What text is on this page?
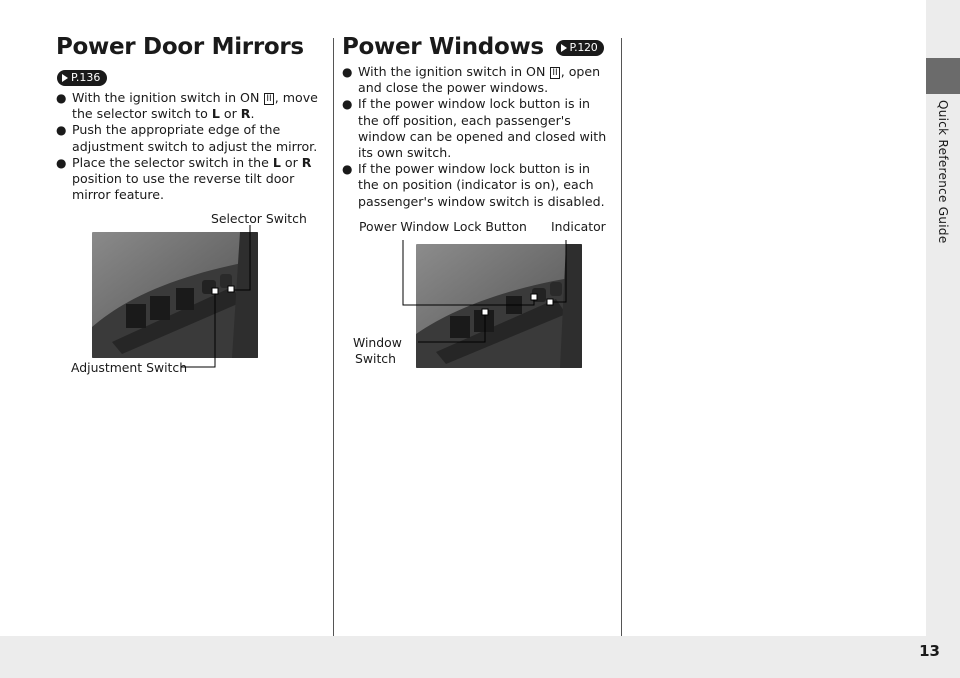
Quick Reference Guide
13
Power Door Mirrors
P.136
● With the ignition switch in ON II , move the selector switch to L or R.
● Push the appropriate edge of the adjustment switch to adjust the mirror.
● Place the selector switch in the L or R position to use the reverse tilt door mirror feature.
Selector Switch
Adjustment Switch
Power Windows P.120
● With the ignition switch in ON II , open and close the power windows.
● If the power window lock button is in the off position, each passenger's window can be opened and closed with its own switch.
● If the power window lock button is in the on position (indicator is on), each passenger's window switch is disabled.
Power Window Lock Button Indicator
Window
Switch
